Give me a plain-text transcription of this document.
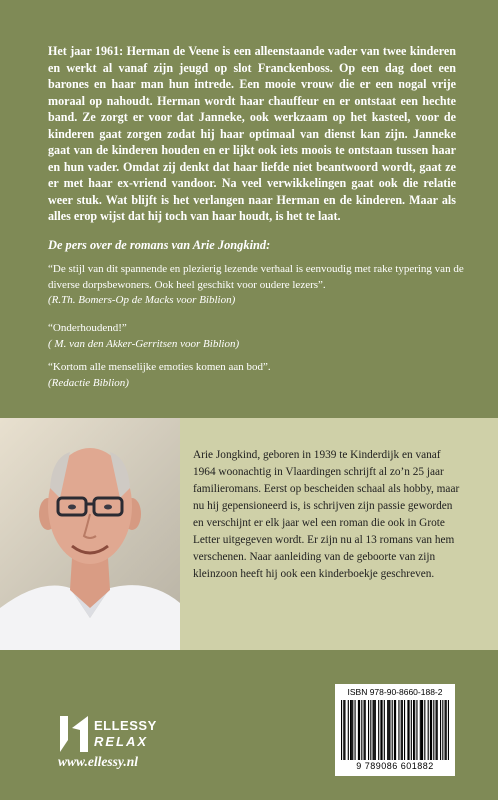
Het jaar 1961: Herman de Veene is een alleenstaande vader van twee kinderen en werkt al vanaf zijn jeugd op slot Franckenboss. Op een dag doet een barones en haar man hun intrede. Een mooie vrouw die er een nogal vrije moraal op nahoudt. Herman wordt haar chauffeur en er ontstaat een hechte band. Ze zorgt er voor dat Janneke, ook werkzaam op het kasteel, voor de kinderen gaat zorgen zodat hij haar optimaal van dienst kan zijn. Janneke gaat van de kinderen houden en er lijkt ook iets moois te ontstaan tussen haar en hun vader. Omdat zij denkt dat haar liefde niet beantwoord wordt, gaat ze er met haar ex-vriend vandoor. Na veel verwikkelingen gaat ook die relatie weer stuk. Wat blijft is het verlangen naar Herman en de kinderen. Maar als alles erop wijst dat hij toch van haar houdt, is het te laat.

De pers over de romans van Arie Jongkind:

“De stijl van dit spannende en plezierig lezende verhaal is eenvoudig met rake typering van de diverse dorpsbewoners. Ook heel geschikt voor oudere lezers”.
(R.Th. Bomers-Op de Macks voor Biblion)

“Onderhoudend!”
( M. van den Akker-Gerritsen voor Biblion)

“Kortom alle menselijke emoties komen aan bod”.
(Redactie Biblion)

Arie Jongkind, geboren in 1939 te Kinderdijk en vanaf 1964 woonachtig in Vlaardingen schrijft al zo’n 25 jaar familieromans. Eerst op bescheiden schaal als hobby, maar nu hij gepensioneerd is, is schrijven zijn passie geworden en verschijnt er elk jaar wel een roman die ook in Grote Letter uitgegeven wordt. Er zijn nu al 13 romans van hem verschenen. Naar aanleiding van de geboorte van zijn kleinzoon heeft hij ook een kinderboekje geschreven.

ELLESSY
RELAX
www.ellessy.nl
ISBN 978-90-8660-188-2
9 789086 601882
